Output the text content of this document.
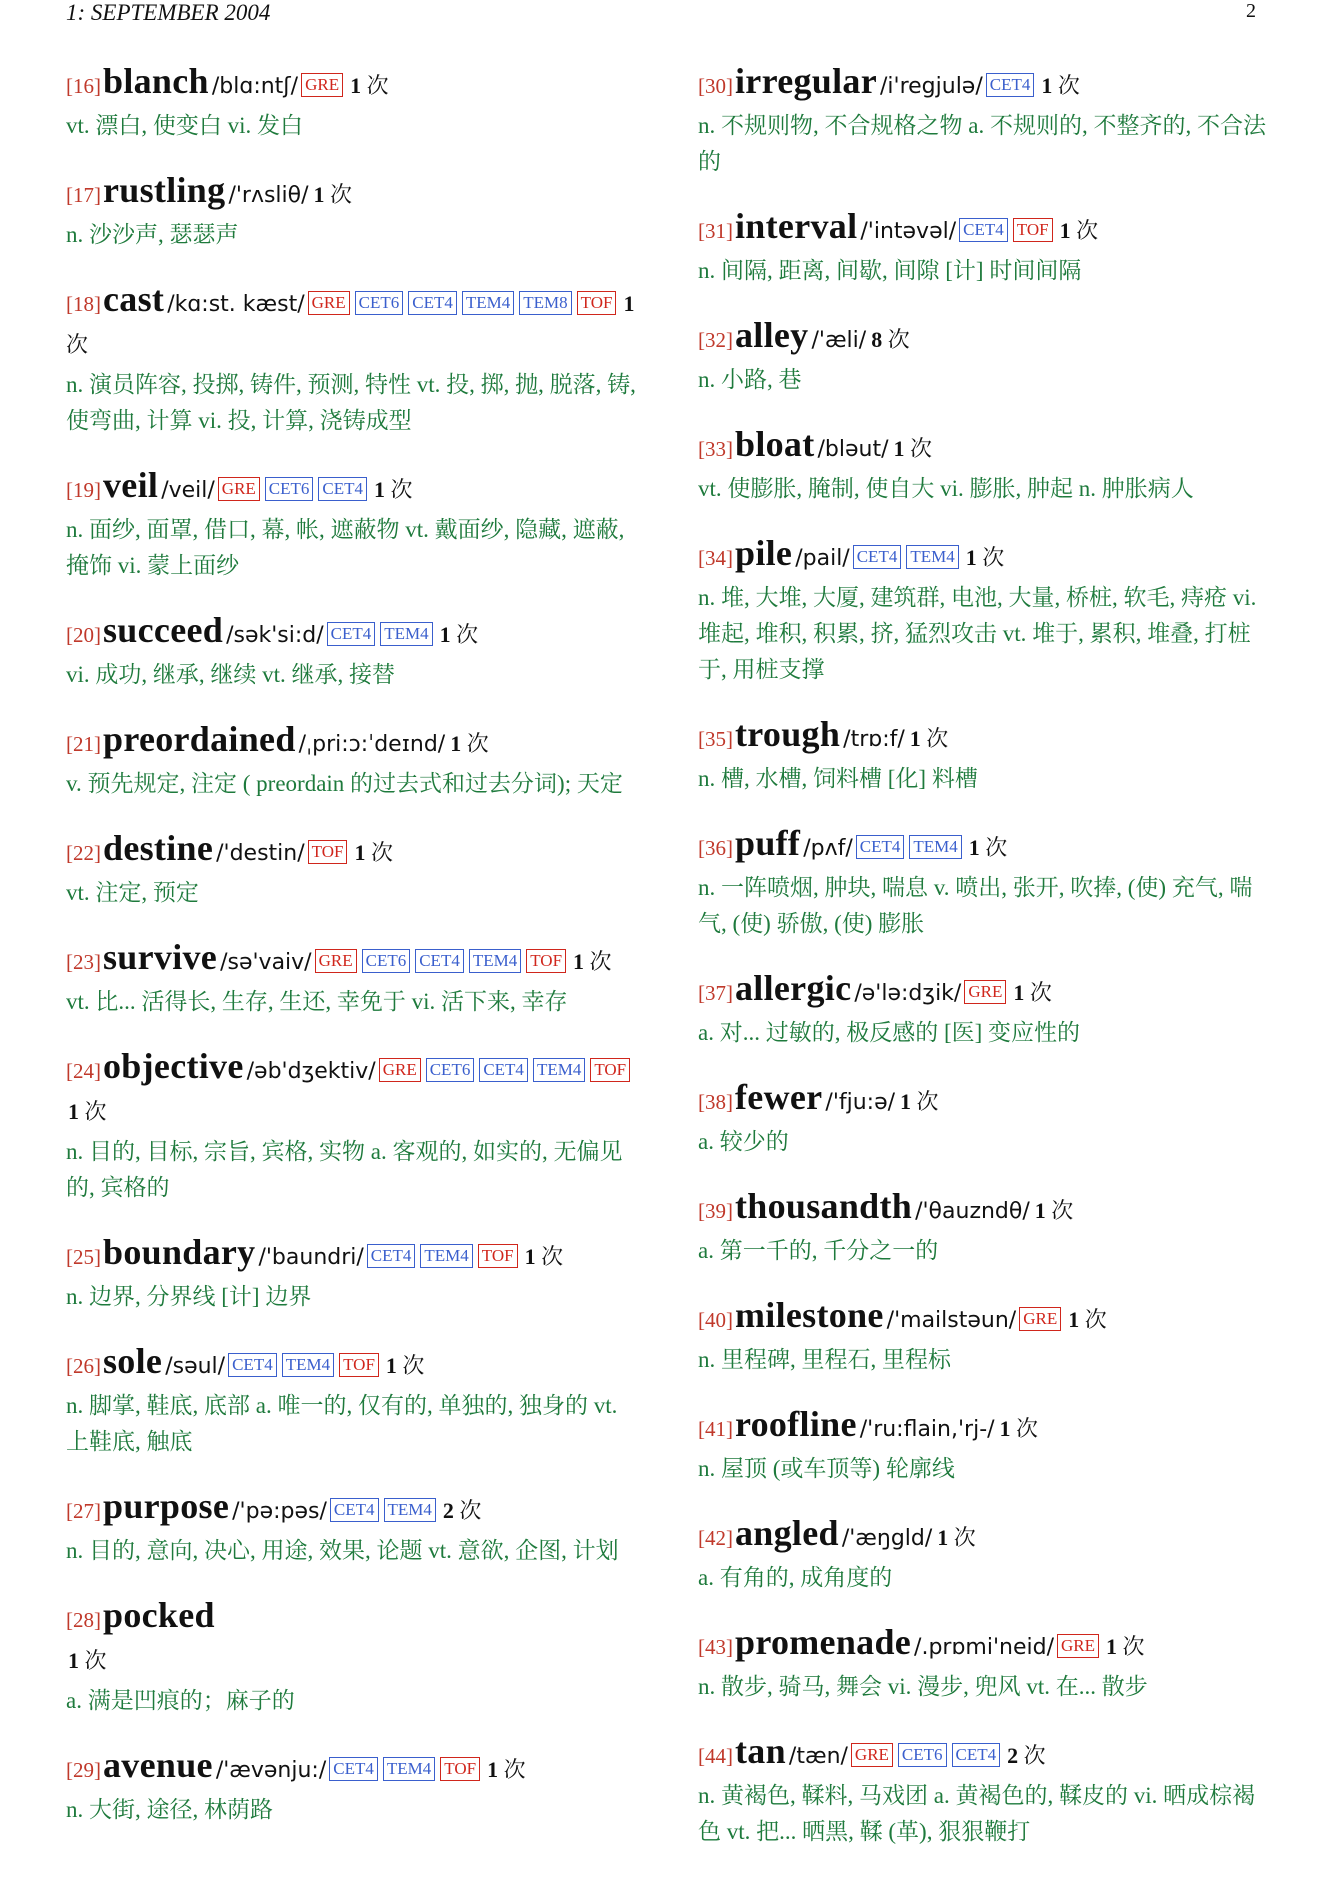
1: SEPTEMBER 2004	2
[16]blanch /blɑ:ntʃ/ GRE 1 次
vt. 漂白, 使变白 vi. 发白
[17]rustling /'rʌsliθ/ 1 次
n. 沙沙声, 瑟瑟声
[18]cast /kɑ:st. kæst/ GRE CET6 CET4 TEM4 TEM8 TOF 1 次
n. 演员阵容, 投掷, 铸件, 预测, 特性 vt. 投, 掷, 抛, 脱落, 铸, 使弯曲, 计算 vi. 投, 计算, 浇铸成型
[19]veil /veil/ GRE CET6 CET4 1 次
n. 面纱, 面罩, 借口, 幕, 帐, 遮蔽物 vt. 戴面纱, 隐藏, 遮蔽, 掩饰 vi. 蒙上面纱
[20]succeed /sək'si:d/ CET4 TEM4 1 次
vi. 成功, 继承, 继续 vt. 继承, 接替
[21]preordained /ˌpri:ɔ:ˈdeɪnd/ 1 次
v. 预先规定, 注定 ( preordain 的过去式和过去分词); 天定
[22]destine /'destin/ TOF 1 次
vt. 注定, 预定
[23]survive /sə'vaiv/ GRE CET6 CET4 TEM4 TOF 1 次
vt. 比... 活得长, 生存, 生还, 幸免于 vi. 活下来, 幸存
[24]objective /əb'dʒektiv/ GRE CET6 CET4 TEM4 TOF1 次
n. 目的, 目标, 宗旨, 宾格, 实物 a. 客观的, 如实的, 无偏见的, 宾格的
[25]boundary /'baundri/ CET4 TEM4 TOF 1 次
n. 边界, 分界线 [计] 边界
[26]sole /səul/ CET4 TEM4 TOF 1 次
n. 脚掌, 鞋底, 底部 a. 唯一的, 仅有的, 单独的, 独身的 vt. 上鞋底, 触底
[27]purpose /'pə:pəs/ CET4 TEM4 2 次
n. 目的, 意向, 决心, 用途, 效果, 论题 vt. 意欲, 企图, 计划
[28]pocked
1 次
a. 满是凹痕的；麻子的
[29]avenue /'ævənju:/ CET4 TEM4 TOF 1 次
n. 大街, 途径, 林荫路
[30]irregular /i'regjulə/ CET4 1 次
n. 不规则物, 不合规格之物 a. 不规则的, 不整齐的, 不合法的
[31]interval /'intəvəl/ CET4 TOF 1 次
n. 间隔, 距离, 间歇, 间隙 [计] 时间间隔
[32]alley /'æli/ 8 次
n. 小路, 巷
[33]bloat /bləut/ 1 次
vt. 使膨胀, 腌制, 使自大 vi. 膨胀, 肿起 n. 肿胀病人
[34]pile /pail/ CET4 TEM4 1 次
n. 堆, 大堆, 大厦, 建筑群, 电池, 大量, 桥桩, 软毛, 痔疮 vi. 堆起, 堆积, 积累, 挤, 猛烈攻击 vt. 堆于, 累积, 堆叠, 打桩于, 用桩支撑
[35]trough /trɒ:f/ 1 次
n. 槽, 水槽, 饲料槽 [化] 料槽
[36]puff /pʌf/ CET4 TEM4 1 次
n. 一阵喷烟, 肿块, 喘息 v. 喷出, 张开, 吹捧, (使) 充气, 喘气, (使) 骄傲, (使) 膨胀
[37]allergic /ə'lə:dʒik/ GRE 1 次
a. 对... 过敏的, 极反感的 [医] 变应性的
[38]fewer /'fju:ə/ 1 次
a. 较少的
[39]thousandth /'θauzndθ/ 1 次
a. 第一千的, 千分之一的
[40]milestone /'mailstəun/ GRE 1 次
n. 里程碑, 里程石, 里程标
[41]roofline /'ru:flain,'rj-/ 1 次
n. 屋顶 (或车顶等) 轮廓线
[42]angled /'æŋgld/ 1 次
a. 有角的, 成角度的
[43]promenade /.prɒmi'neid/ GRE 1 次
n. 散步, 骑马, 舞会 vi. 漫步, 兜风 vt. 在... 散步
[44]tan /tæn/ GRE CET6 CET4 2 次
n. 黄褐色, 鞣料, 马戏团 a. 黄褐色的, 鞣皮的 vi. 晒成棕褐色 vt. 把... 晒黑, 鞣 (革), 狠狠鞭打
